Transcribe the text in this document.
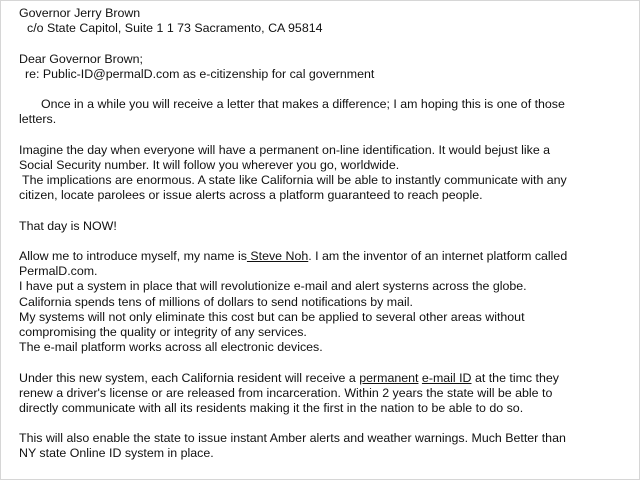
Governor Jerry Brown
c/o State Capitol, Suite 1 1 73 Sacramento, CA 95814
Dear Governor Brown;
re: Public-ID@permalD.com as e-citizenship for cal government
Once in a while you will receive a letter that makes a difference; I am hoping this is one of those
letters.
Imagine the day when everyone will have a permanent on-line identification. It would bejust like a
Social Security number. It will follow you wherever you go, worldwide.
The implications are enormous. A state like California will be able to instantly communicate with any
citizen, locate parolees or issue alerts across a platform guaranteed to reach people.
That day is NOW!
Allow me to introduce myself, my name is Steve Noh. I am the inventor of an internet platform called
PermalD.com.
I have put a system in place that will revolutionize e-mail and alert systerns across the globe.
California spends tens of millions of dollars to send notifications by mail.
My systems will not only eliminate this cost but can be applied to several other areas without
compromising the quality or integrity of any services.
The e-mail platform works across all electronic devices.
Under this new system, each California resident will receive a permanent e-mail ID at the timc they
renew a driver's license or are released from incarceration. Within 2 years the state will be able to
directly communicate with all its residents making it the first in the nation to be able to do so.
This will also enable the state to issue instant Amber alerts and weather warnings. Much Better than
NY state Online ID system in place.
